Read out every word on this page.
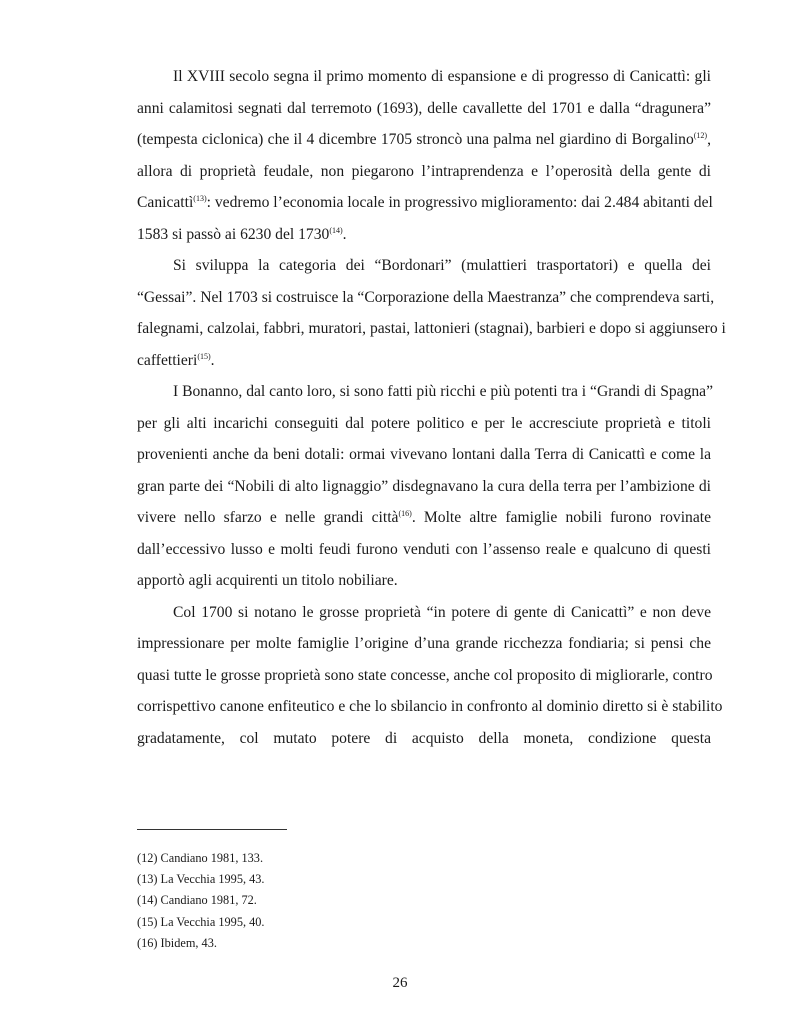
Il XVIII secolo segna il primo momento di espansione e di progresso di Canicattì: gli
anni calamitosi segnati dal terremoto (1693), delle cavallette del 1701 e dalla “dragunera”
(tempesta ciclonica) che il 4 dicembre 1705 stroncò una palma nel giardino di Borgalino$^{(12)}$,
allora di proprietà feudale, non piegarono l’intraprendenza e l’operosità della gente di
Canicattì$^{(13)}$: vedremo l’economia locale in progressivo miglioramento: dai 2.484 abitanti del
1583 si passò ai 6230 del 1730$^{(14)}$.
Si sviluppa la categoria dei “Bordonari” (mulattieri trasportatori) e quella dei
“Gessai”. Nel 1703 si costruisce la “Corporazione della Maestranza” che comprendeva sarti,
falegnami, calzolai, fabbri, muratori, pastai, lattonieri (stagnai), barbieri e dopo si aggiunsero i
caffettieri$^{(15)}$.
I Bonanno, dal canto loro, si sono fatti più ricchi e più potenti tra i “Grandi di Spagna”
per gli alti incarichi conseguiti dal potere politico e per le accresciute proprietà e titoli
provenienti anche da beni dotali: ormai vivevano lontani dalla Terra di Canicattì e come la
gran parte dei “Nobili di alto lignaggio” disdegnavano la cura della terra per l’ambizione di
vivere nello sfarzo e nelle grandi città$^{(16)}$. Molte altre famiglie nobili furono rovinate
dall’eccessivo lusso e molti feudi furono venduti con l’assenso reale e qualcuno di questi
apportò agli acquirenti un titolo nobiliare.
Col 1700 si notano le grosse proprietà “in potere di gente di Canicattì” e non deve
impressionare per molte famiglie l’origine d’una grande ricchezza fondiaria; si pensi che
quasi tutte le grosse proprietà sono state concesse, anche col proposito di migliorarle, contro
corrispettivo canone enfiteutico e che lo sbilancio in confronto al dominio diretto si è stabilito
gradatamente, col mutato potere di acquisto della moneta, condizione questa
(12) Candiano 1981, 133.
(13) La Vecchia 1995, 43.
(14) Candiano 1981, 72.
(15) La Vecchia 1995, 40.
(16) Ibidem, 43.
26
